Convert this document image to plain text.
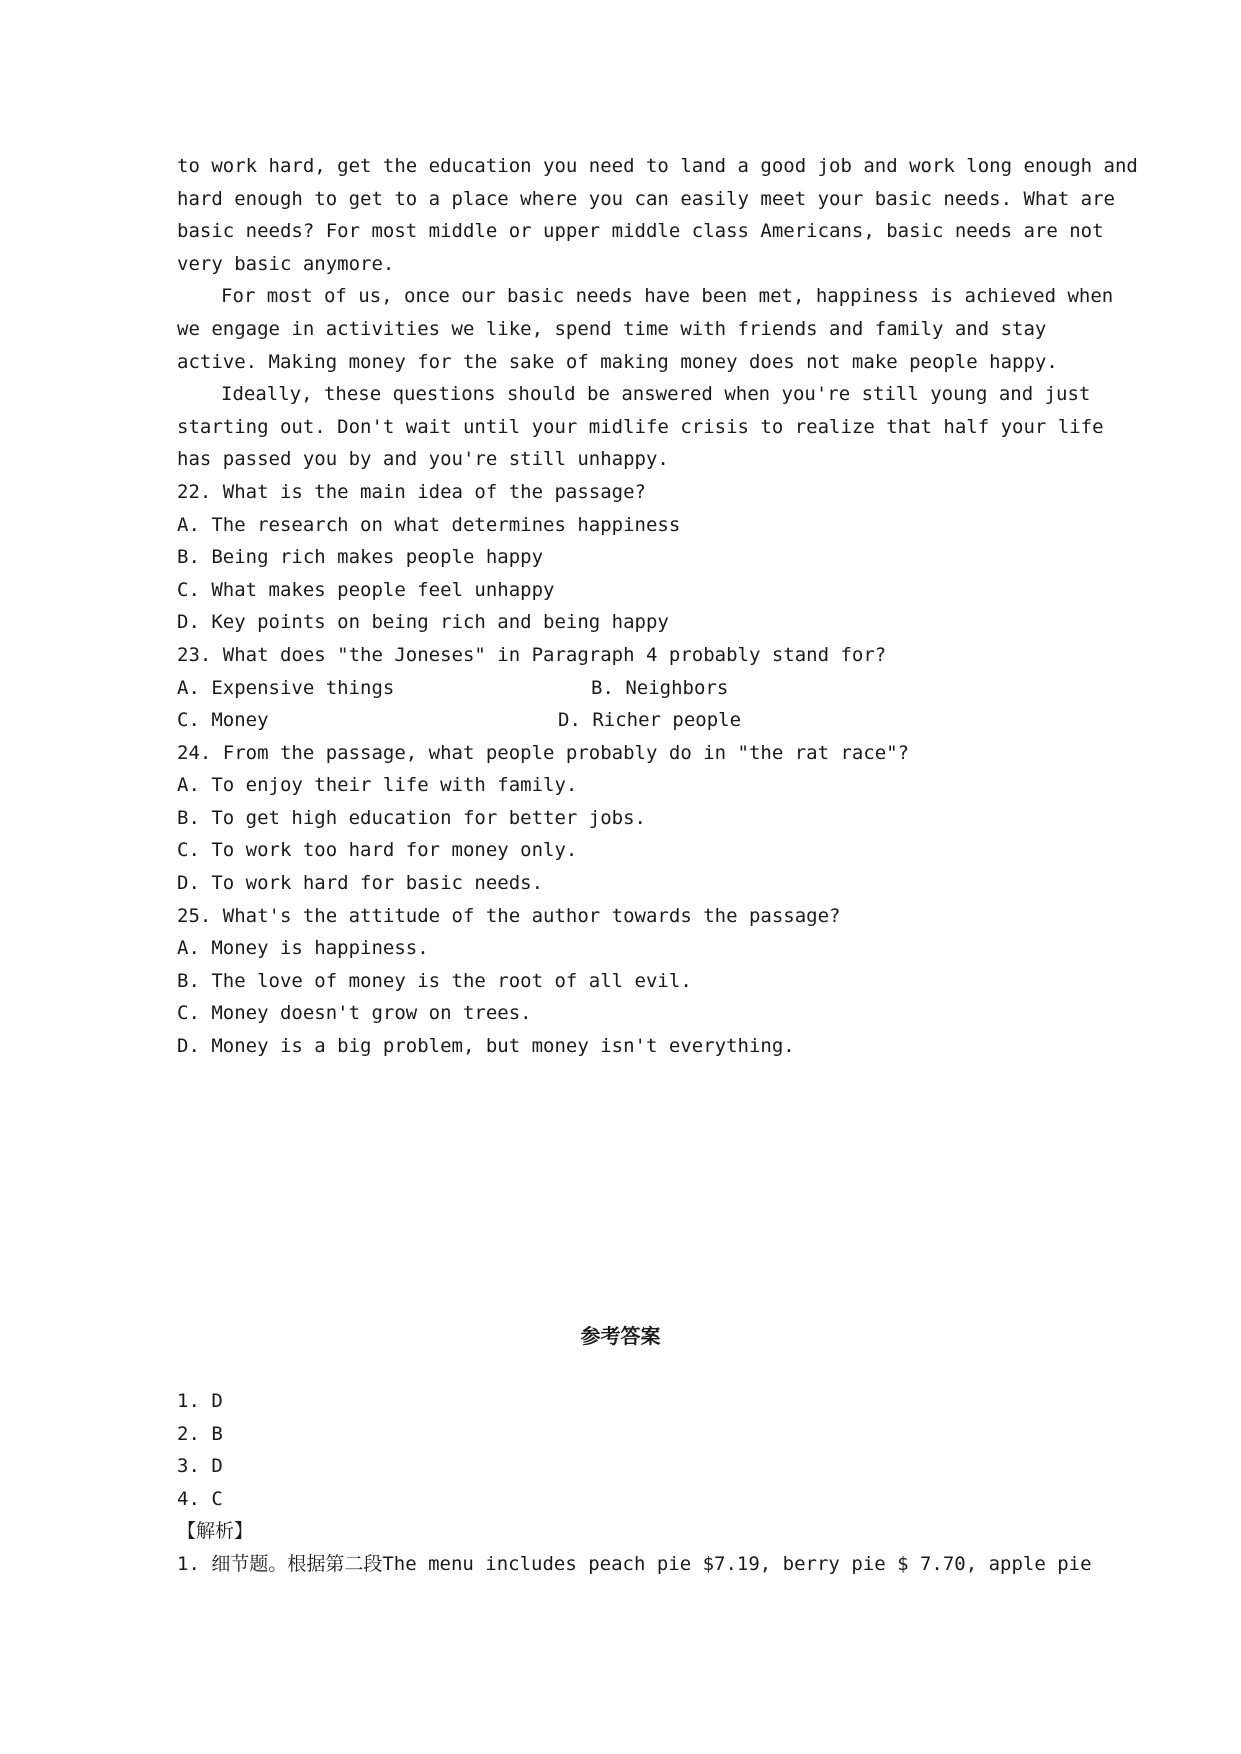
to work hard, get the education you need to land a good job and work long enough and
hard enough to get to a place where you can easily meet your basic needs. What are
basic needs? For most middle or upper middle class Americans, basic needs are not
very basic anymore.
For most of us, once our basic needs have been met, happiness is achieved when
we engage in activities we like, spend time with friends and family and stay
active. Making money for the sake of making money does not make people happy.
Ideally, these questions should be answered when you're still young and just
starting out. Don't wait until your midlife crisis to realize that half your life
has passed you by and you're still unhappy.
22. What is the main idea of the passage?
A. The research on what determines happiness
B. Being rich makes people happy
C. What makes people feel unhappy
D. Key points on being rich and being happy
23. What does "the Joneses" in Paragraph 4 probably stand for?
A. Expensive things	B. Neighbors
C. Money	D. Richer people
24. From the passage, what people probably do in "the rat race"?
A. To enjoy their life with family.
B. To get high education for better jobs.
C. To work too hard for money only.
D. To work hard for basic needs.
25. What's the attitude of the author towards the passage?
A. Money is happiness.
B. The love of money is the root of all evil.
C. Money doesn't grow on trees.
D. Money is a big problem, but money isn't everything.
参考答案
1. D
2. B
3. D
4. C
【解析】
1. 细节题。根据第二段The menu includes peach pie $7.19, berry pie $ 7.70, apple pie
